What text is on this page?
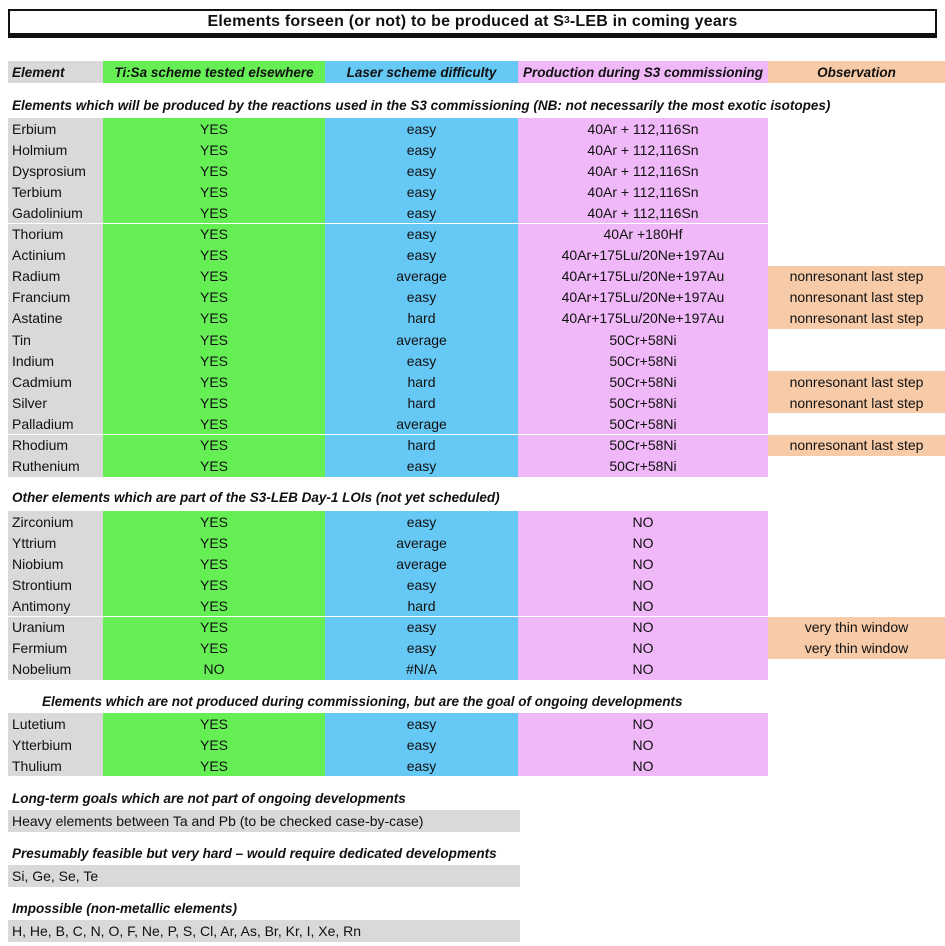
Elements forseen (or not) to be produced at $S^3$ -LEB in coming years
Element	Ti:Sa scheme tested elsewhere	Laser scheme difficulty	Production during S3 commissioning	Observation
Elements which will be produced by the reactions used in the S3 commissioning (NB: not necessarily the most exotic isotopes)
Erbium	YES	easy	40Ar + 112,116Sn
Holmium	YES	easy	40Ar + 112,116Sn
Dysprosium	YES	easy	40Ar + 112,116Sn
Terbium	YES	easy	40Ar + 112,116Sn
Gadolinium	YES	easy	40Ar + 112,116Sn
Thorium	YES	easy	40Ar +180Hf
Actinium	YES	easy	40Ar+175Lu/20Ne+197Au
Radium	YES	average	40Ar+175Lu/20Ne+197Au	nonresonant last step
Francium	YES	easy	40Ar+175Lu/20Ne+197Au	nonresonant last step
Astatine	YES	hard	40Ar+175Lu/20Ne+197Au	nonresonant last step
Tin	YES	average	50Cr+58Ni
Indium	YES	easy	50Cr+58Ni
Cadmium	YES	hard	50Cr+58Ni	nonresonant last step
Silver	YES	hard	50Cr+58Ni	nonresonant last step
Palladium	YES	average	50Cr+58Ni
Rhodium	YES	hard	50Cr+58Ni	nonresonant last step
Ruthenium	YES	easy	50Cr+58Ni
Other elements which are part of the S3-LEB Day-1 LOIs (not yet scheduled)
Zirconium	YES	easy	NO
Yttrium	YES	average	NO
Niobium	YES	average	NO
Strontium	YES	easy	NO
Antimony	YES	hard	NO
Uranium	YES	easy	NO	very thin window
Fermium	YES	easy	NO	very thin window
Nobelium	NO	#N/A	NO
Elements which are not produced during commissioning, but are the goal of ongoing developments
Lutetium	YES	easy	NO
Ytterbium	YES	easy	NO
Thulium	YES	easy	NO
Long-term goals which are not part of ongoing developments
Heavy elements between Ta and Pb (to be checked case-by-case)
Presumably feasible but very hard – would require dedicated developments
Si, Ge, Se, Te
Impossible (non-metallic elements)
H, He, B, C, N, O, F, Ne, P, S, Cl, Ar, As, Br, Kr, I, Xe, Rn
